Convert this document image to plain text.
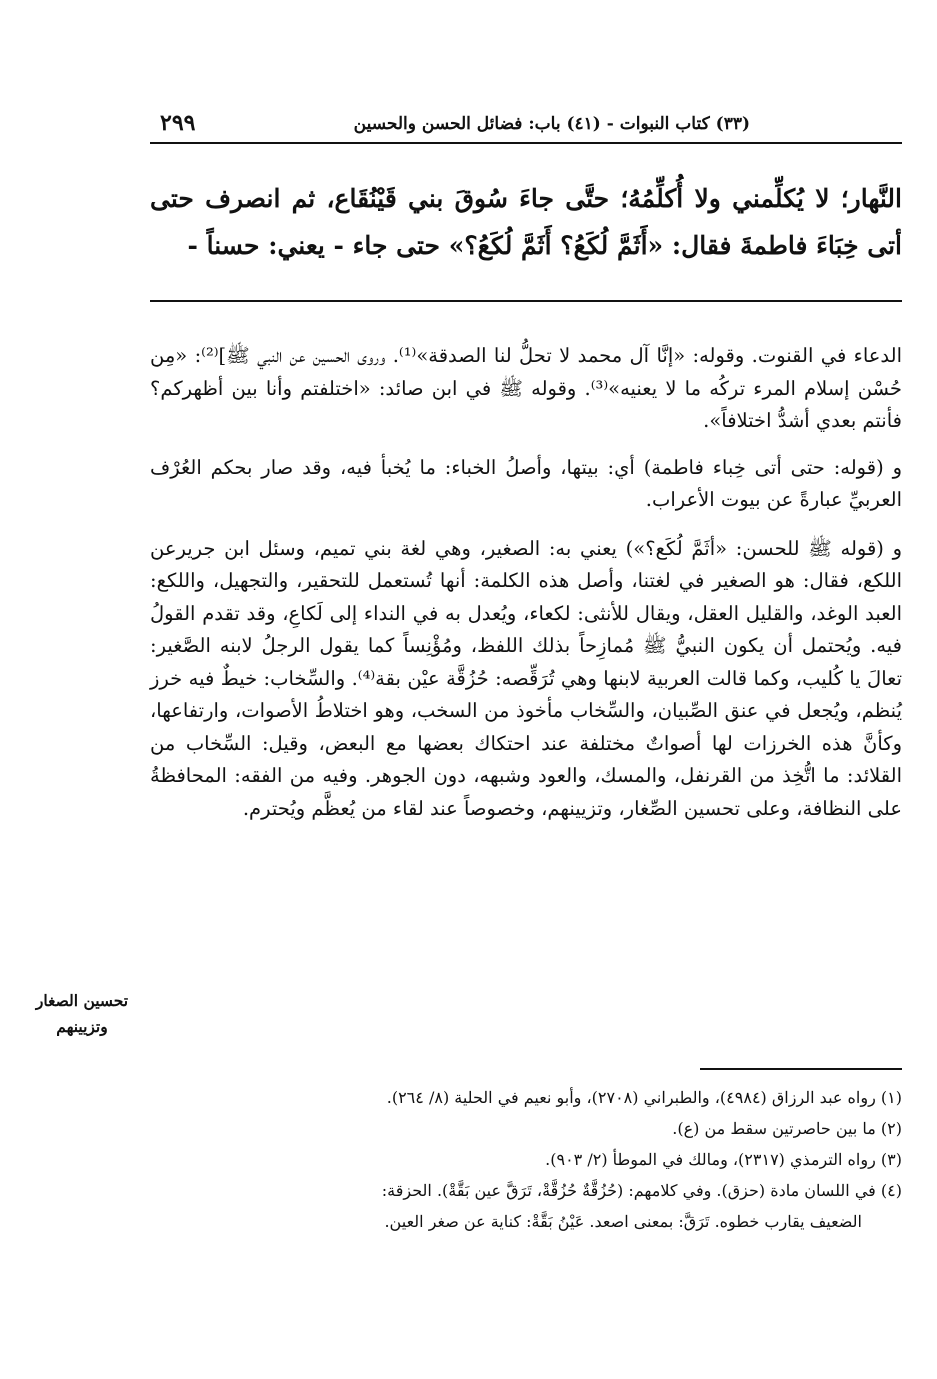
(٣٣) كتاب النبوات - (٤١) باب: فضائل الحسن والحسين
٢٩٩
النَّهار؛ لا يُكلِّمني ولا أُكلِّمُهُ؛ حتَّى جاءَ سُوقَ بني قَيْنُقَاع، ثم انصرف حتى أتى خِبَاءَ فاطمةَ فقال: «أَثَمَّ لُكَعُ؟ أَثَمَّ لُكَعُ؟» حتى جاء - يعني: حسناً -

الدعاء في القنوت. وقوله: «إنَّا آل محمد لا تحلُّ لنا الصدقة»⁽¹⁾. وروى الحسين عن النبي ﷺ]⁽²⁾: «مِن حُسْن إسلام المرء تركُه ما لا يعنيه»⁽³⁾. وقوله ﷺ في ابن صائد: «اختلفتم وأنا بين أظهركم؟ فأنتم بعدي أشدُّ اختلافاً».

و (قوله: حتى أتى خِباء فاطمة) أي: بيتها، وأصلُ الخباء: ما يُخبأ فيه، وقد صار بحكم العُرْف العربيِّ عبارةً عن بيوت الأعراب.

و (قوله ﷺ للحسن: «أثَمَّ لُكَع؟») يعني به: الصغير، وهي لغة بني تميم، وسئل ابن جريرعن اللكع، فقال: هو الصغير في لغتنا، وأصل هذه الكلمة: أنها تُستعمل للتحقير، والتجهيل، واللكع: العبد الوغد، والقليل العقل، ويقال للأنثى: لكعاء، ويُعدل به في النداء إلى لَكاعِ، وقد تقدم القولُ فيه. ويُحتمل أن يكون النبيُّ ﷺ مُمازِحاً بذلك اللفظ، ومُؤْنِساً كما يقول الرجلُ لابنه الصَّغير: تعالَ يا كُليب، وكما قالت العربية لابنها وهي تُرَقِّصه: حُزُقَّة عيْن بقة⁽⁴⁾. والسِّخاب: خيطٌ فيه خرز يُنظم، ويُجعل في عنق الصِّبيان، والسِّخاب مأخوذ من السخب، وهو اختلاطُ الأصوات، وارتفاعها، وكأنَّ هذه الخرزات لها أصواتٌ مختلفة عند احتكاك بعضها مع البعض، وقيل: السِّخاب من القلائد: ما اتُّخِذ من القرنفل، والمسك، والعود وشبهه، دون الجوهر. وفيه من الفقه: المحافظةُ على النظافة، وعلى تحسين الصِّغار، وتزيينهم، وخصوصاً عند لقاء من يُعظَّم ويُحترم.

تحسين الصغار
وتزيينهم

(١) رواه عبد الرزاق (٤٩٨٤)، والطبراني (٢٧٠٨)، وأبو نعيم في الحلية (٨/ ٢٦٤).

(٢) ما بين حاصرتين سقط من (ع).

(٣) رواه الترمذي (٢٣١٧)، ومالك في الموطأ (٢/ ٩٠٣).

(٤) في اللسان مادة (حزق). وفي كلامهم: (حُزُقَّةٌ حُزُقَّةْ، تَرَقَّ عين بَقَّةْ). الحزقة:

الضعيف يقارب خطوه. تَرَقَّ: بمعنى اصعد. عَيْنُ بَقَّةْ: كناية عن صغر العين.
